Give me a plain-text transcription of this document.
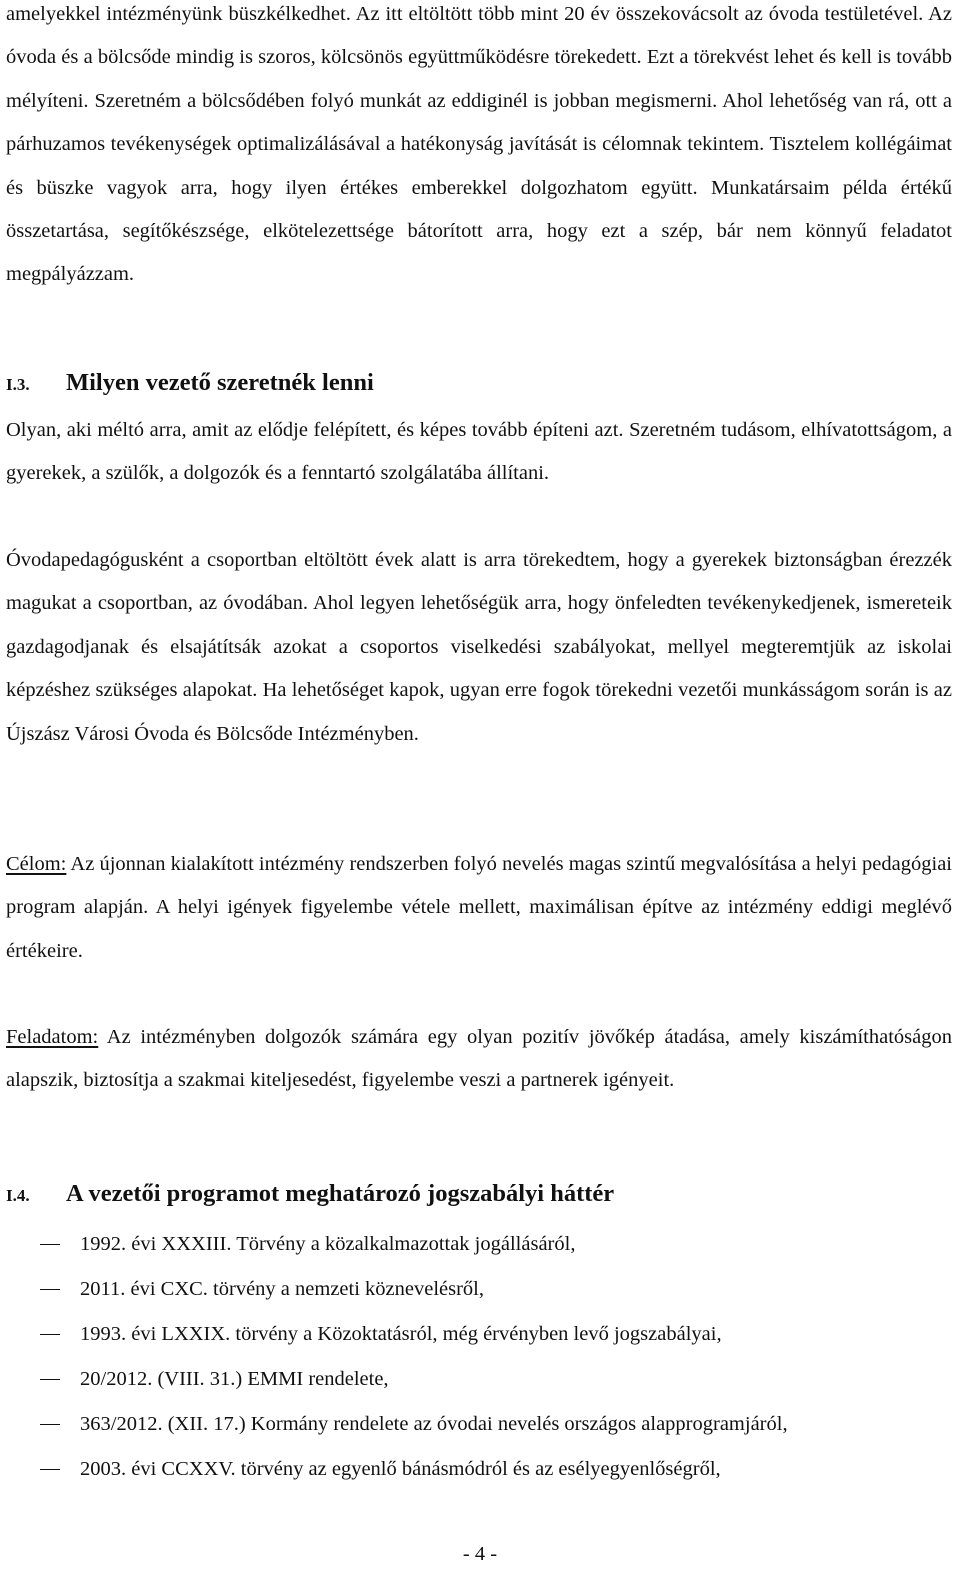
amelyekkel intézményünk büszkélkedhet. Az itt eltöltött több mint 20 év összekovácsolt az óvoda testületével. Az óvoda és a bölcsőde mindig is szoros, kölcsönös együttműködésre törekedett. Ezt a törekvést lehet és kell is tovább mélyíteni. Szeretném a bölcsődében folyó munkát az eddiginél is jobban megismerni. Ahol lehetőség van rá, ott a párhuzamos tevékenységek optimalizálásával a hatékonyság javítását is célomnak tekintem. Tisztelem kollégáimat és büszke vagyok arra, hogy ilyen értékes emberekkel dolgozhatom együtt. Munkatársaim példa értékű összetartása, segítőkészsége, elkötelezettsége bátorított arra, hogy ezt a szép, bár nem könnyű feladatot megpályázzam.

I.3. Milyen vezető szeretnék lenni

Olyan, aki méltó arra, amit az elődje felépített, és képes tovább építeni azt. Szeretném tudásom, elhívatottságom, a gyerekek, a szülők, a dolgozók és a fenntartó szolgálatába állítani.

Óvodapedagógusként a csoportban eltöltött évek alatt is arra törekedtem, hogy a gyerekek biztonságban érezzék magukat a csoportban, az óvodában. Ahol legyen lehetőségük arra, hogy önfeledten tevékenykedjenek, ismereteik gazdagodjanak és elsajátítsák azokat a csoportos viselkedési szabályokat, mellyel megteremtjük az iskolai képzéshez szükséges alapokat. Ha lehetőséget kapok, ugyan erre fogok törekedni vezetői munkásságom során is az Újszász Városi Óvoda és Bölcsőde Intézményben.

Célom: Az újonnan kialakított intézmény rendszerben folyó nevelés magas szintű megvalósítása a helyi pedagógiai program alapján. A helyi igények figyelembe vétele mellett, maximálisan építve az intézmény eddigi meglévő értékeire.

Feladatom: Az intézményben dolgozók számára egy olyan pozitív jövőkép átadása, amely kiszámíthatóságon alapszik, biztosítja a szakmai kiteljesedést, figyelembe veszi a partnerek igényeit.

I.4. A vezetői programot meghatározó jogszabályi háttér
1992. évi XXXIII. Törvény a közalkalmazottak jogállásáról,
2011. évi CXC. törvény a nemzeti köznevelésről,
1993. évi LXXIX. törvény a Közoktatásról, még érvényben levő jogszabályai,
20/2012. (VIII. 31.) EMMI rendelete,
363/2012. (XII. 17.) Kormány rendelete az óvodai nevelés országos alapprogramjáról,
2003. évi CCXXV. törvény az egyenlő bánásmódról és az esélyegyenlőségről,
- 4 -
